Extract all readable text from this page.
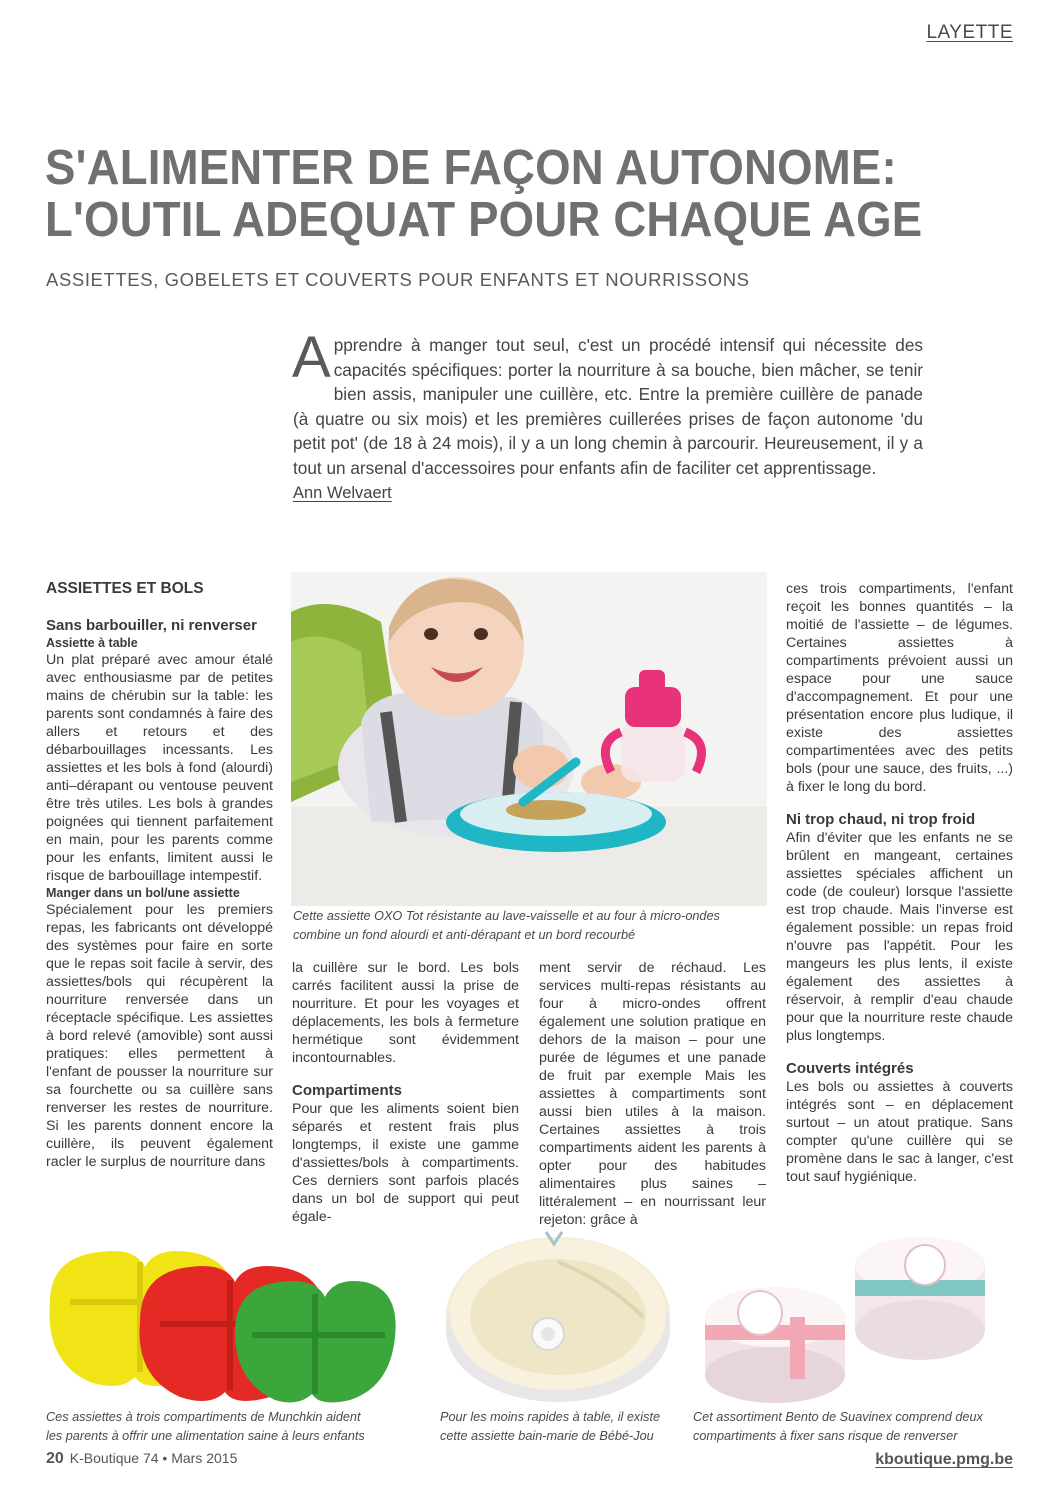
LAYETTE
S'ALIMENTER DE FAÇON AUTONOME:
L'OUTIL ADEQUAT POUR CHAQUE AGE
ASSIETTES, GOBELETS ET COUVERTS POUR ENFANTS ET NOURRISSONS

Apprendre à manger tout seul, c'est un procédé intensif qui nécessite des capacités spécifiques: porter la nourriture à sa bouche, bien mâcher, se tenir bien assis, manipuler une cuillère, etc. Entre la première cuillère de panade (à quatre ou six mois) et les premières cuillerées prises de façon autonome 'du petit pot' (de 18 à 24 mois), il y a un long chemin à parcourir. Heureusement, il y a tout un arsenal d'accessoires pour enfants afin de faciliter cet apprentissage.

Ann Welvaert
ASSIETTES ET BOLS
Sans barbouiller, ni renverser
Assiette à table

Un plat préparé avec amour étalé avec enthousiasme par de petites mains de chérubin sur la table: les parents sont condamnés à faire des allers et retours et des débarbouillages incessants. Les assiettes et les bols à fond (alourdi) anti–dérapant ou ventouse peuvent être très utiles. Les bols à grandes poignées qui tiennent parfaitement en main, pour les parents comme pour les enfants, limitent aussi le risque de barbouillage intempestif.

Manger dans un bol/une assiette

Spécialement pour les premiers repas, les fabricants ont développé des systèmes pour faire en sorte que le repas soit facile à servir, des assiettes/bols qui récupèrent la nourriture renversée dans un réceptacle spécifique. Les assiettes à bord relevé (amovible) sont aussi pratiques: elles permettent à l'enfant de pousser la nourriture sur sa fourchette ou sa cuillère sans renverser les restes de nourriture. Si les parents donnent encore la cuillère, ils peuvent également racler le surplus de nourriture dans

Cette assiette OXO Tot résistante au lave-vaisselle et au four à micro-ondes
combine un fond alourdi et anti-dérapant et un bord recourbé

la cuillère sur le bord. Les bols carrés facilitent aussi la prise de nourriture. Et pour les voyages et déplacements, les bols à fermeture hermétique sont évidemment incontournables.

Compartiments

Pour que les aliments soient bien séparés et restent frais plus longtemps, il existe une gamme d'assiettes/bols à compartiments. Ces derniers sont parfois placés dans un bol de support qui peut égale-

ment servir de réchaud. Les services multi-repas résistants au four à micro-ondes offrent également une solution pratique en dehors de la maison – pour une purée de légumes et une panade de fruit par exemple Mais les assiettes à compartiments sont aussi bien utiles à la maison. Certaines assiettes à trois compartiments aident les parents à opter pour des habitudes alimentaires plus saines – littéralement – en nourrissant leur rejeton: grâce à

ces trois compartiments, l'enfant reçoit les bonnes quantités – la moitié de l'assiette – de légumes. Certaines assiettes à compartiments prévoient aussi un espace pour une sauce d'accompagnement. Et pour une présentation encore plus ludique, il existe des assiettes compartimentées avec des petits bols (pour une sauce, des fruits, ...) à fixer le long du bord.

Ni trop chaud, ni trop froid

Afin d'éviter que les enfants ne se brûlent en mangeant, certaines assiettes spéciales affichent un code (de couleur) lorsque l'assiette est trop chaude. Mais l'inverse est également possible: un repas froid n'ouvre pas l'appétit. Pour les mangeurs les plus lents, il existe également des assiettes à réservoir, à remplir d'eau chaude pour que la nourriture reste chaude plus longtemps.

Couverts intégrés

Les bols ou assiettes à couverts intégrés sont – en déplacement surtout – un atout pratique. Sans compter qu'une cuillère qui se promène dans le sac à langer, c'est tout sauf hygiénique.

Ces assiettes à trois compartiments de Munchkin aident
les parents à offrir une alimentation saine à leurs enfants
Pour les moins rapides à table, il existe
cette assiette bain-marie de Bébé-Jou
Cet assortiment Bento de Suavinex comprend deux
compartiments à fixer sans risque de renverser
20 K-Boutique 74 • Mars 2015	kboutique.pmg.be
